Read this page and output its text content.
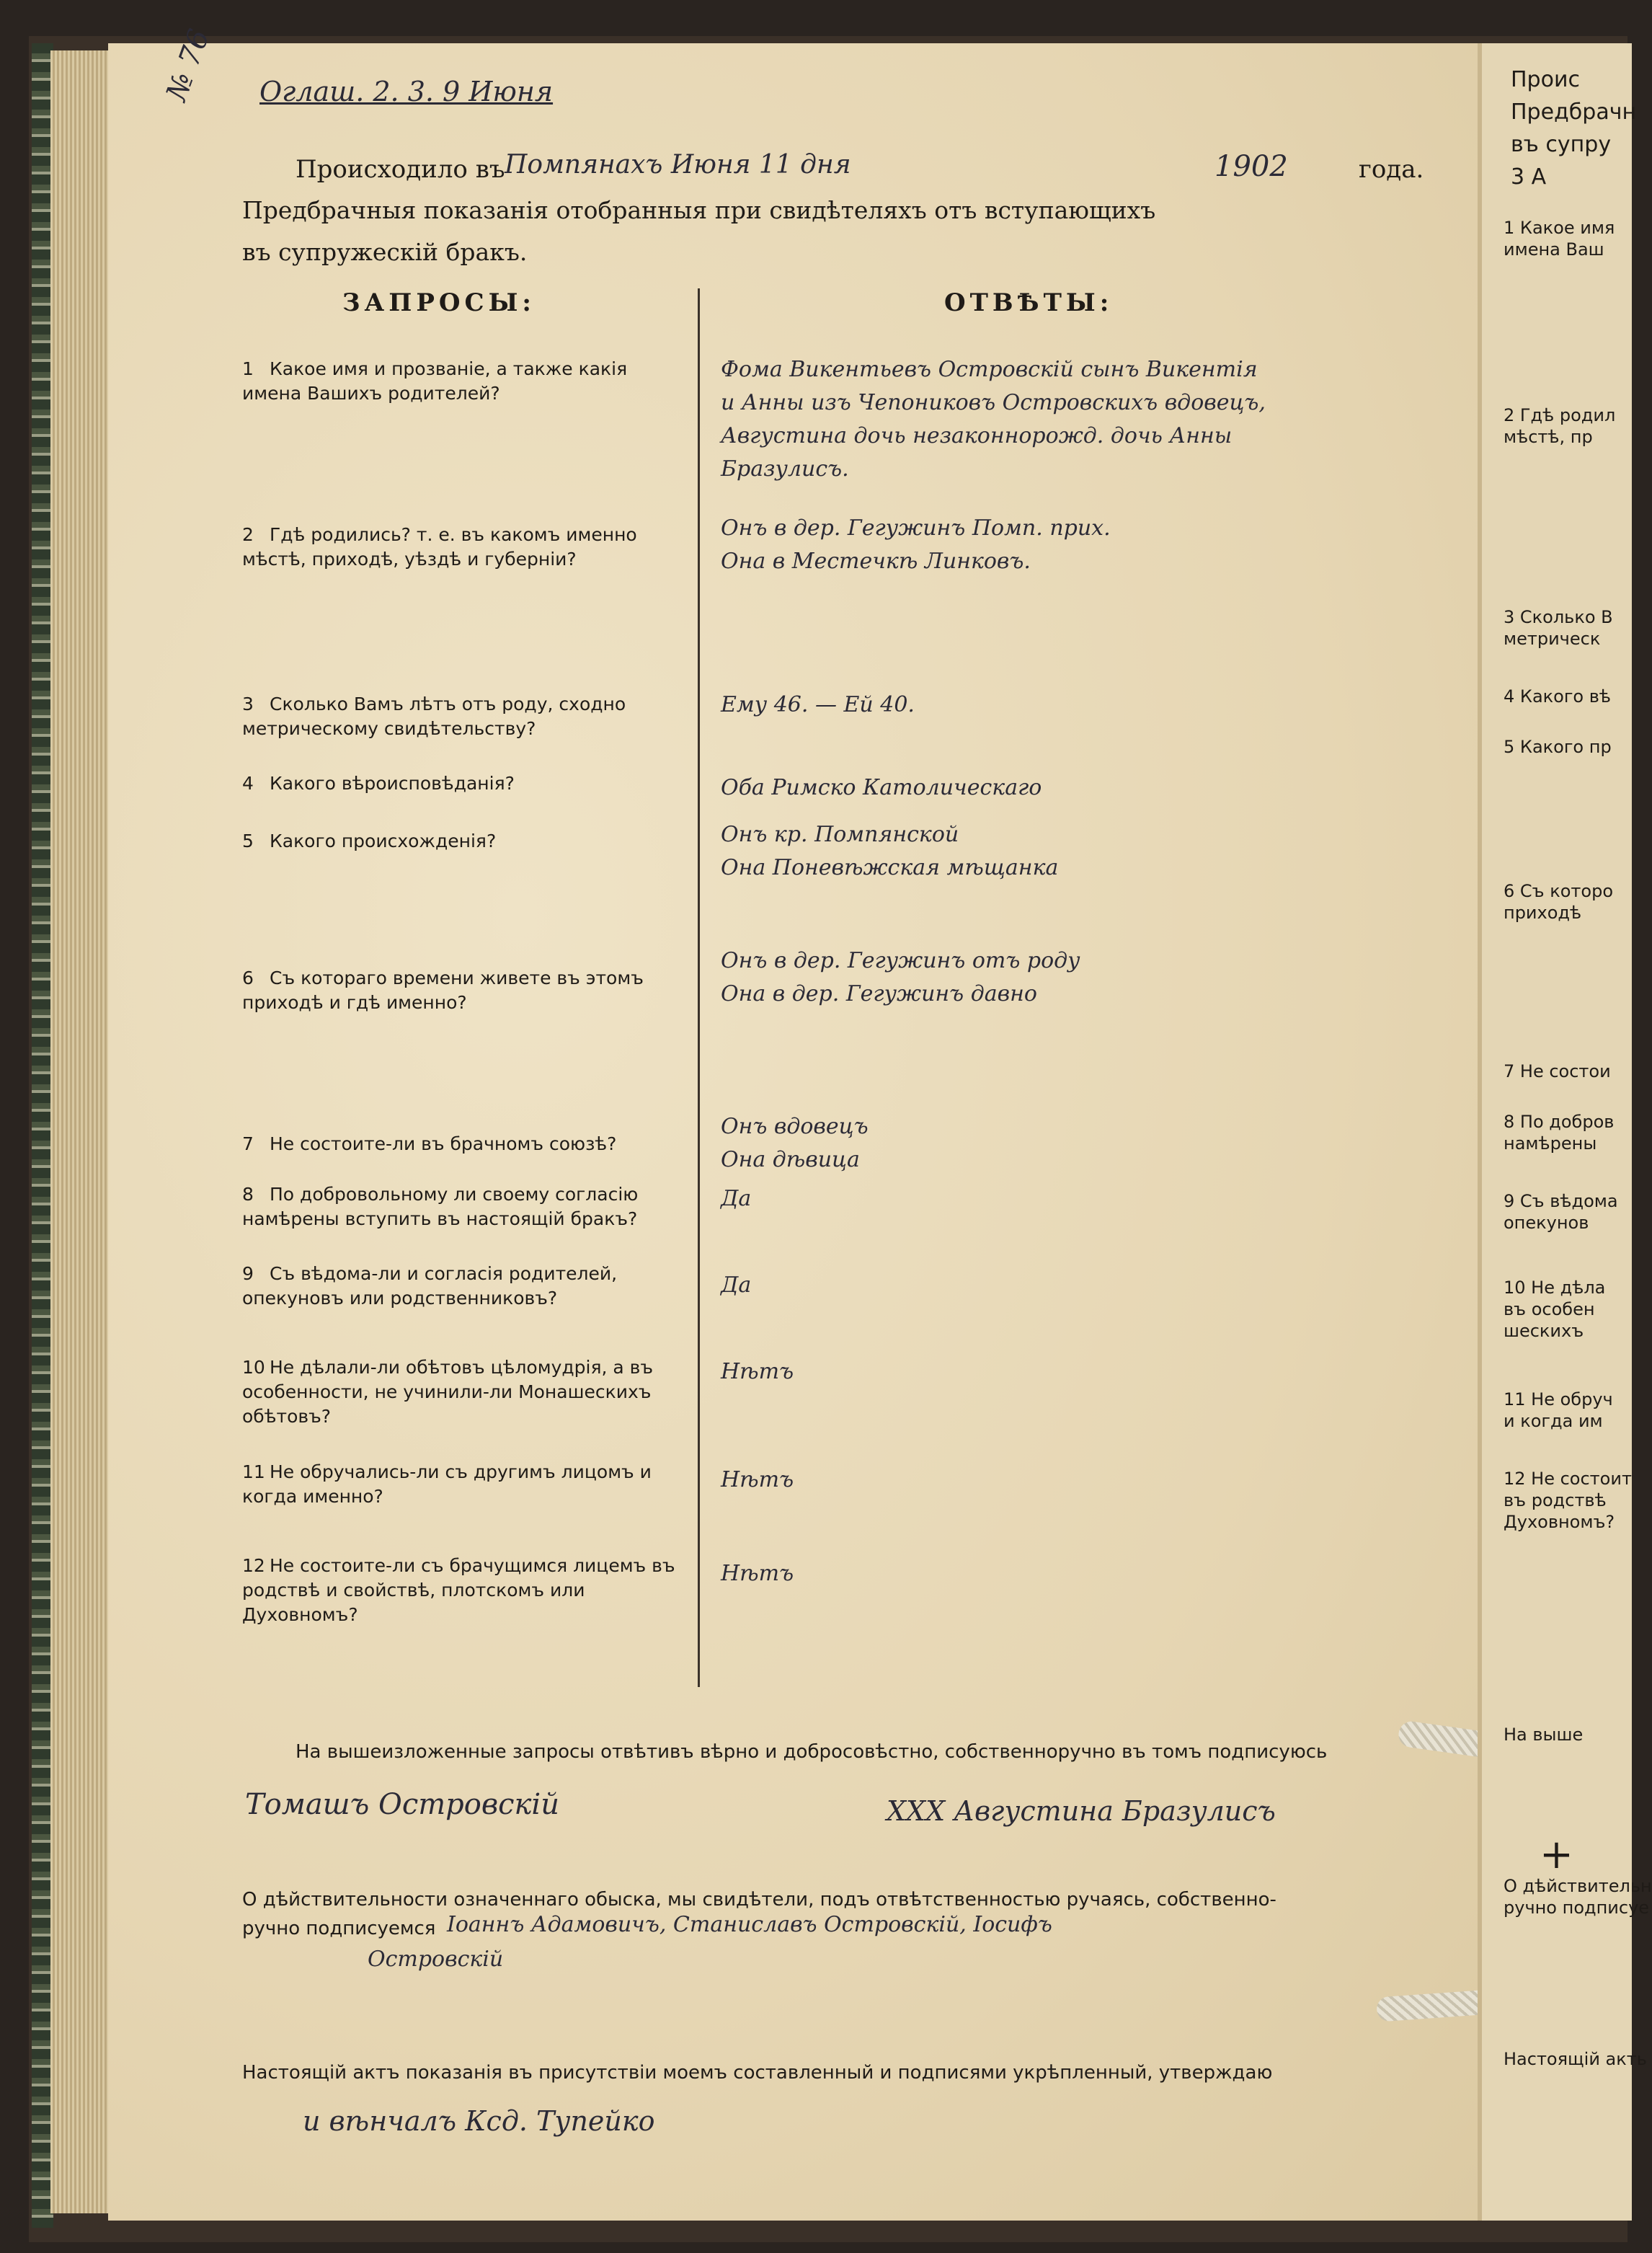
№ 76 Оглаш. 2. 3. 9 Июня
Происходило въ Помпянахъ Июня 11 дня	1902	года.
Предбрачныя показанія отобранныя при свидѣтеляхъ отъ вступающихъ
въ супружескій бракъ.
ЗАПРОСЫ:	ОТВѢТЫ:
1 Какое имя и прозваніе, а также какія имена Вашихъ родителей?
Фома Викентьевъ Островскій сынъ Викентія
и Анны изъ Чепониковъ Островскихъ вдовецъ,
Августина дочь незаконнорожд. дочь Анны
Бразулисъ.
2 Гдѣ родились? т. е. въ какомъ именно мѣстѣ, приходѣ, уѣздѣ и губерніи?
Онъ в дер. Гегужинъ Помп. прих.
Она в Местечкѣ Линковъ.
3 Сколько Вамъ лѣтъ отъ роду, сходно метрическому свидѣтельству?
Ему 46. — Ей 40.
4 Какого вѣроисповѣданія?	Оба Римско Католическаго
5 Какого происхожденія?	Онъ кр. Помпянской
Она Поневѣжская мѣщанка
6 Съ котораго времени живете въ этомъ приходѣ и гдѣ именно?
Онъ в дер. Гегужинъ отъ роду
Она в дер. Гегужинъ давно
7 Не состоите-ли въ брачномъ союзѣ?
Онъ вдовецъ
Она дѣвица
8 По добровольному ли своему согласію намѣрены вступить въ настоящій бракъ?
Да
9 Съ вѣдома-ли и согласія родителей, опекуновъ или родственниковъ?
Да
10 Не дѣлали-ли обѣтовъ цѣломудрія, а въ особенности, не учинили-ли Монашескихъ обѣтовъ?
Нѣтъ
11 Не обручались-ли съ другимъ лицомъ и когда именно?
Нѣтъ
12 Не состоите-ли съ брачущимся лицемъ въ родствѣ и свойствѣ, плотскомъ или Духовномъ?
Нѣтъ
На вышеизложенные запросы отвѣтивъ вѣрно и добросовѣстно, собственноручно въ томъ подписуюсь
Томашъ Островскій	ХХХ Августина Бразулисъ
О дѣйствительности означеннаго обыска, мы свидѣтели, подъ отвѣтственностью ручаясь, собственно-
ручно подписуемся Іоаннъ Адамовичъ, Станиславъ Островскій, Іосифъ
Островскій
Настоящій актъ показанія въ присутствіи моемъ составленный и подписями укрѣпленный, утверждаю
и вѣнчалъ Ксд. Тупейко
Проис
Предбрачн
въ супру
3 А
1 Какое имя
имена Ваш
2 Гдѣ родил
мѣстѣ, пр
3 Сколько В
метрическ
4 Какого вѣ
5 Какого пр
6 Съ которо
приходѣ
7 Не состои
8 По добров
намѣрены
9 Съ вѣдома
опекунов
10 Не дѣла
въ особен
шескихъ
11 Не обруч
и когда им
12 Не состоит
въ родствѣ
Духовномъ?
На выше
О дѣйствительн
ручно подписуе
Настоящій акть
+
